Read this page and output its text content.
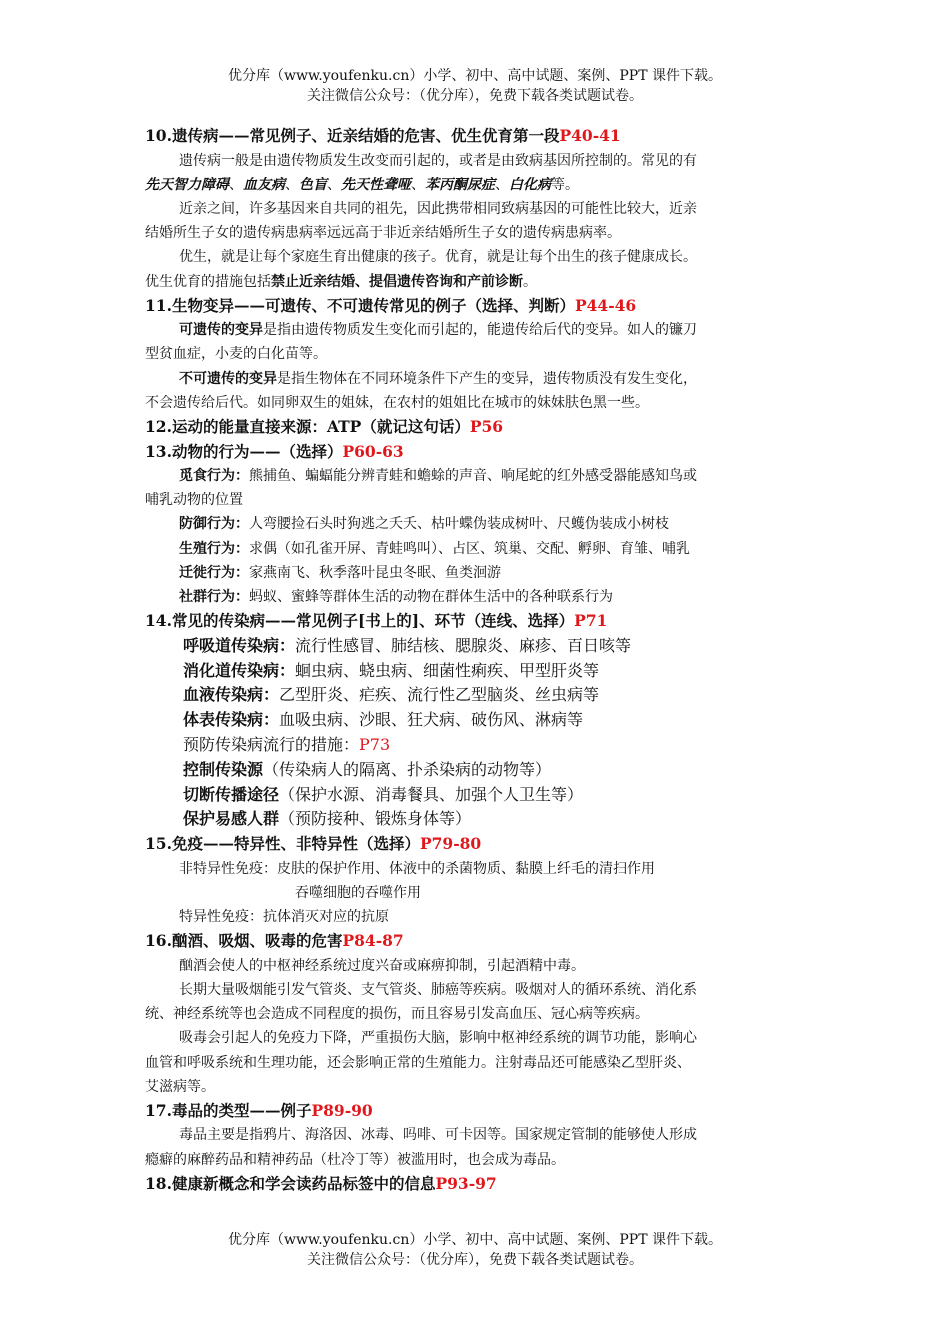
优分库（www.youfenku.cn）小学、初中、高中试题、案例、PPT 课件下载。
关注微信公众号：（优分库），免费下载各类试题试卷。
10.遗传病——常见例子、近亲结婚的危害、优生优育第一段P40-41
遗传病一般是由遗传物质发生改变而引起的，或者是由致病基因所控制的。常见的有
先天智力障碍、血友病、色盲、先天性聋哑、苯丙酮尿症、白化病等。
近亲之间，许多基因来自共同的祖先，因此携带相同致病基因的可能性比较大，近亲
结婚所生子女的遗传病患病率远远高于非近亲结婚所生子女的遗传病患病率。
优生，就是让每个家庭生育出健康的孩子。优育，就是让每个出生的孩子健康成长。
优生优育的措施包括禁止近亲结婚、提倡遗传咨询和产前诊断。
11.生物变异——可遗传、不可遗传常见的例子（选择、判断）P44-46
可遗传的变异是指由遗传物质发生变化而引起的，能遗传给后代的变异。如人的镰刀
型贫血症，小麦的白化苗等。
不可遗传的变异是指生物体在不同环境条件下产生的变异，遗传物质没有发生变化，
不会遗传给后代。如同卵双生的姐妹，在农村的姐姐比在城市的妹妹肤色黑一些。
12.运动的能量直接来源：ATP（就记这句话）P56
13.动物的行为——（选择）P60-63
觅食行为：熊捕鱼、蝙蝠能分辨青蛙和蟾蜍的声音、响尾蛇的红外感受器能感知鸟或
哺乳动物的位置
防御行为：人弯腰捡石头时狗逃之夭夭、枯叶蝶伪装成树叶、尺蠖伪装成小树枝
生殖行为：求偶（如孔雀开屏、青蛙鸣叫）、占区、筑巢、交配、孵卵、育雏、哺乳
迁徙行为：家燕南飞、秋季落叶昆虫冬眠、鱼类洄游
社群行为：蚂蚁、蜜蜂等群体生活的动物在群体生活中的各种联系行为
14.常见的传染病——常见例子[书上的]、环节（连线、选择）P71
呼吸道传染病：流行性感冒、肺结核、腮腺炎、麻疹、百日咳等
消化道传染病：蛔虫病、蛲虫病、细菌性痢疾、甲型肝炎等
血液传染病：乙型肝炎、疟疾、流行性乙型脑炎、丝虫病等
体表传染病：血吸虫病、沙眼、狂犬病、破伤风、淋病等
预防传染病流行的措施：P73
控制传染源（传染病人的隔离、扑杀染病的动物等）
切断传播途径（保护水源、消毒餐具、加强个人卫生等）
保护易感人群（预防接种、锻炼身体等）
15.免疫——特异性、非特异性（选择）P79-80
非特异性免疫：皮肤的保护作用、体液中的杀菌物质、黏膜上纤毛的清扫作用
吞噬细胞的吞噬作用
特异性免疫：抗体消灭对应的抗原
16.酗酒、吸烟、吸毒的危害P84-87
酗酒会使人的中枢神经系统过度兴奋或麻痹抑制，引起酒精中毒。
长期大量吸烟能引发气管炎、支气管炎、肺癌等疾病。吸烟对人的循环系统、消化系
统、神经系统等也会造成不同程度的损伤，而且容易引发高血压、冠心病等疾病。
吸毒会引起人的免疫力下降，严重损伤大脑，影响中枢神经系统的调节功能，影响心
血管和呼吸系统和生理功能，还会影响正常的生殖能力。注射毒品还可能感染乙型肝炎、
艾滋病等。
17.毒品的类型——例子P89-90
毒品主要是指鸦片、海洛因、冰毒、吗啡、可卡因等。国家规定管制的能够使人形成
瘾癖的麻醉药品和精神药品（杜冷丁等）被滥用时，也会成为毒品。
18.健康新概念和学会读药品标签中的信息P93-97
优分库（www.youfenku.cn）小学、初中、高中试题、案例、PPT 课件下载。
关注微信公众号：（优分库），免费下载各类试题试卷。
